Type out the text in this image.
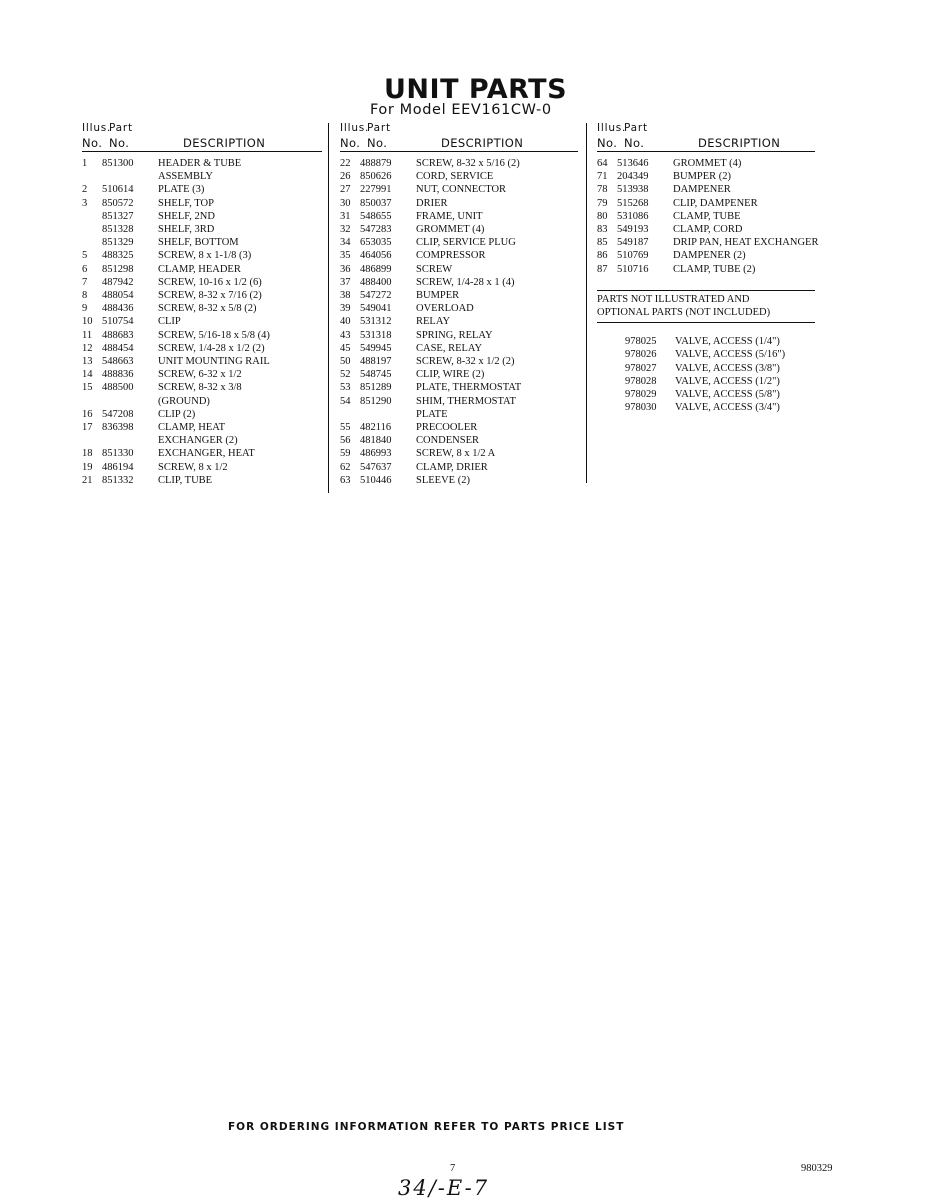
UNIT PARTS
For Model EEV161CW-0
Illus.Part
No. No.	DESCRIPTION
1	851300	HEADER & TUBE
ASSEMBLY
2	510614	PLATE (3)
3	850572	SHELF, TOP
851327	SHELF, 2ND
851328	SHELF, 3RD
851329	SHELF, BOTTOM
5	488325	SCREW, 8 x 1-1/8 (3)
6	851298	CLAMP, HEADER
7	487942	SCREW, 10-16 x 1/2 (6)
8	488054	SCREW, 8-32 x 7/16 (2)
9	488436	SCREW, 8-32 x 5/8 (2)
10 510754	CLIP
11 488683	SCREW, 5/16-18 x 5/8 (4)
12 488454	SCREW, 1/4-28 x 1/2 (2)
13 548663	UNIT MOUNTING RAIL
14 488836	SCREW, 6-32 x 1/2
15 488500	SCREW, 8-32 x 3/8
(GROUND)
16 547208	CLIP (2)
17 836398	CLAMP, HEAT
EXCHANGER (2)
18 851330	EXCHANGER, HEAT
19 486194	SCREW, 8 x 1/2
21 851332	CLIP, TUBE
Illus.Part
No. No.	DESCRIPTION
22 488879	SCREW, 8-32 x 5/16 (2)
26 850626	CORD, SERVICE
27 227991	NUT, CONNECTOR
30 850037	DRIER
31 548655	FRAME, UNIT
32 547283	GROMMET (4)
34 653035	CLIP, SERVICE PLUG
35 464056	COMPRESSOR
36 486899	SCREW
37 488400	SCREW, 1/4-28 x 1 (4)
38 547272	BUMPER
39 549041	OVERLOAD
40 531312	RELAY
43 531318	SPRING, RELAY
45 549945	CASE, RELAY
50 488197	SCREW, 8-32 x 1/2 (2)
52 548745	CLIP, WIRE (2)
53 851289	PLATE, THERMOSTAT
54 851290	SHIM, THERMOSTAT
PLATE
55 482116	PRECOOLER
56 481840	CONDENSER
59 486993	SCREW, 8 x 1/2 A
62 547637	CLAMP, DRIER
63 510446	SLEEVE (2)
Illus.Part
No. No.	DESCRIPTION
64 513646	GROMMET (4)
71 204349	BUMPER (2)
78 513938	DAMPENER
79 515268	CLIP, DAMPENER
80 531086	CLAMP, TUBE
83 549193	CLAMP, CORD
85 549187	DRIP PAN, HEAT EXCHANGER
86 510769	DAMPENER (2)
87 510716	CLAMP, TUBE (2)
PARTS NOT ILLUSTRATED AND
OPTIONAL PARTS (NOT INCLUDED)
978025	VALVE, ACCESS (1/4")
978026	VALVE, ACCESS (5/16")
978027	VALVE, ACCESS (3/8")
978028	VALVE, ACCESS (1/2")
978029	VALVE, ACCESS (5/8")
978030	VALVE, ACCESS (3/4")
FOR ORDERING INFORMATION REFER TO PARTS PRICE LIST
7	980329
34/-E-7
